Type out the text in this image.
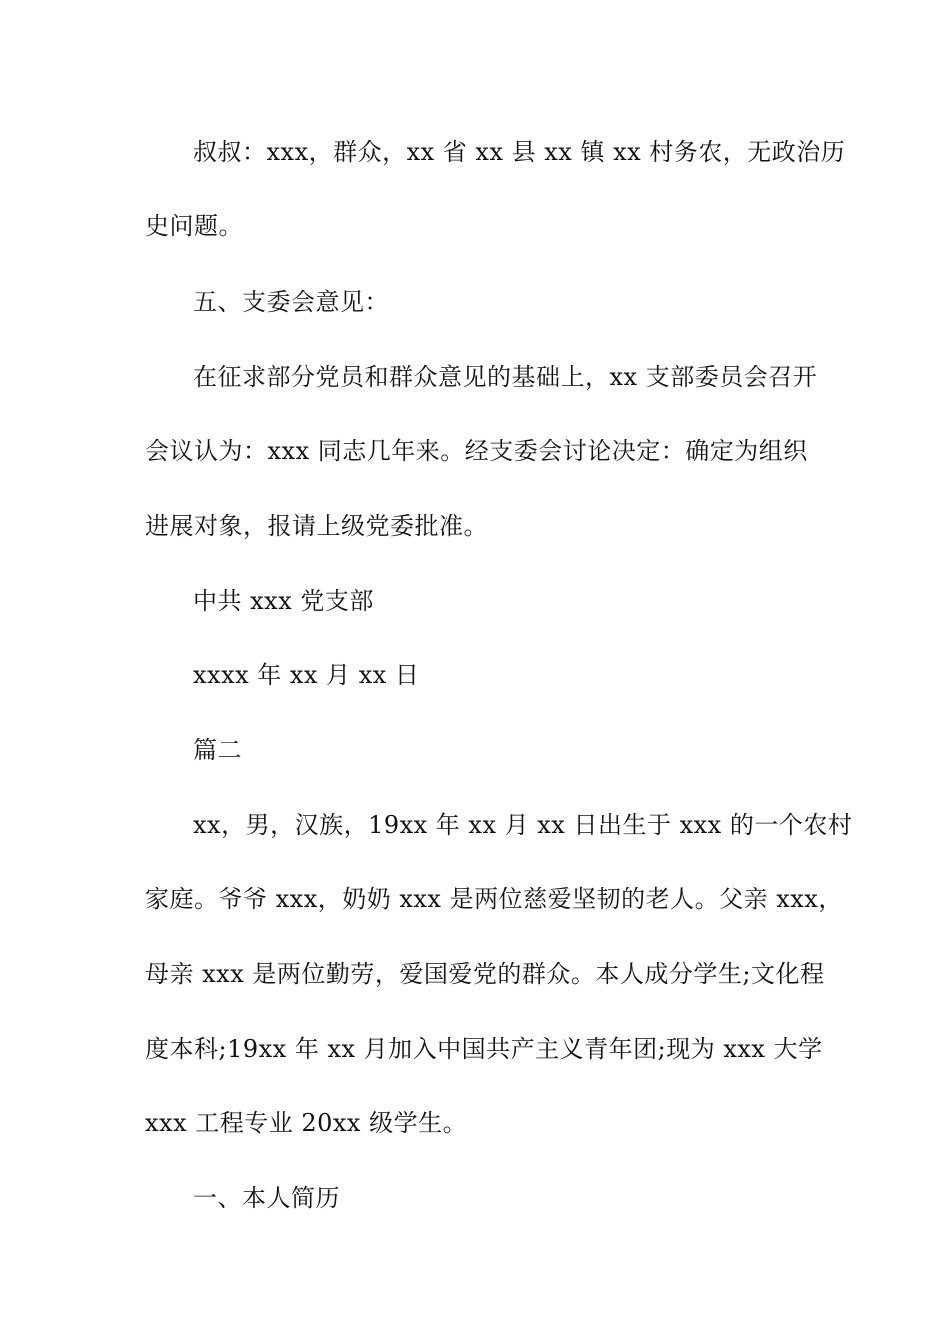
叔叔：xxx，群众，xx 省 xx 县 xx 镇 xx 村务农，无政治历
史问题。
五、支委会意见：
在征求部分党员和群众意见的基础上，xx 支部委员会召开
会议认为：xxx 同志几年来。经支委会讨论决定：确定为组织
进展对象，报请上级党委批准。
中共 xxx 党支部
xxxx 年 xx 月 xx 日
篇二
xx，男，汉族，19xx 年 xx 月 xx 日出生于 xxx 的一个农村
家庭。爷爷 xxx，奶奶 xxx 是两位慈爱坚韧的老人。父亲 xxx，
母亲 xxx 是两位勤劳，爱国爱党的群众。本人成分学生;文化程
度本科;19xx 年 xx 月加入中国共产主义青年团;现为 xxx 大学
xxx 工程专业 20xx 级学生。
一、本人简历
